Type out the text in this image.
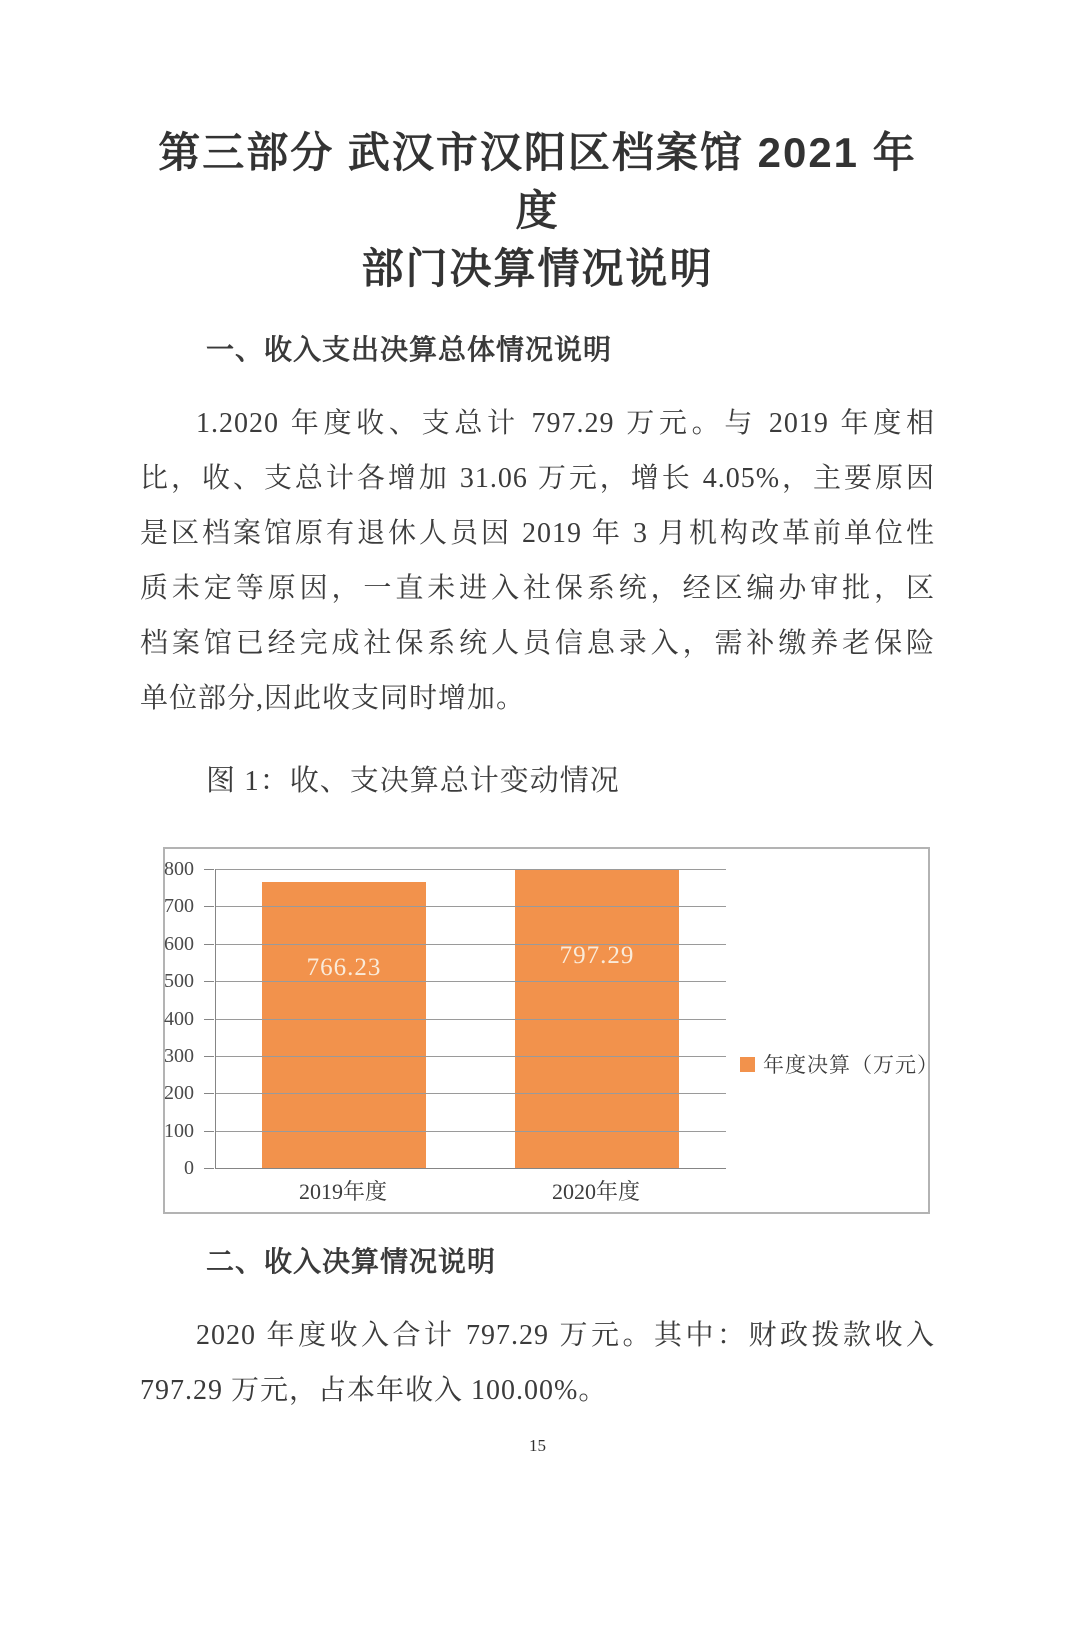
第三部分 武汉市汉阳区档案馆 2021 年度
部门决算情况说明
一、收入支出决算总体情况说明
1.2020 年度收、支总计 797.29 万元。与 2019 年度相
比，收、支总计各增加 31.06 万元，增长 4.05%，主要原因
是区档案馆原有退休人员因 2019 年 3 月机构改革前单位性
质未定等原因，一直未进入社保系统，经区编办审批，区
档案馆已经完成社保系统人员信息录入，需补缴养老保险
单位部分,因此收支同时增加。
图 1：收、支决算总计变动情况
766.23	797.29
2019年度	2020年度
年度决算（万元）
0
100
200
300
400
500
600
700
800
二、收入决算情况说明
2020 年度收入合计 797.29 万元。其中：财政拨款收入
797.29 万元，占本年收入 100.00%。
15
